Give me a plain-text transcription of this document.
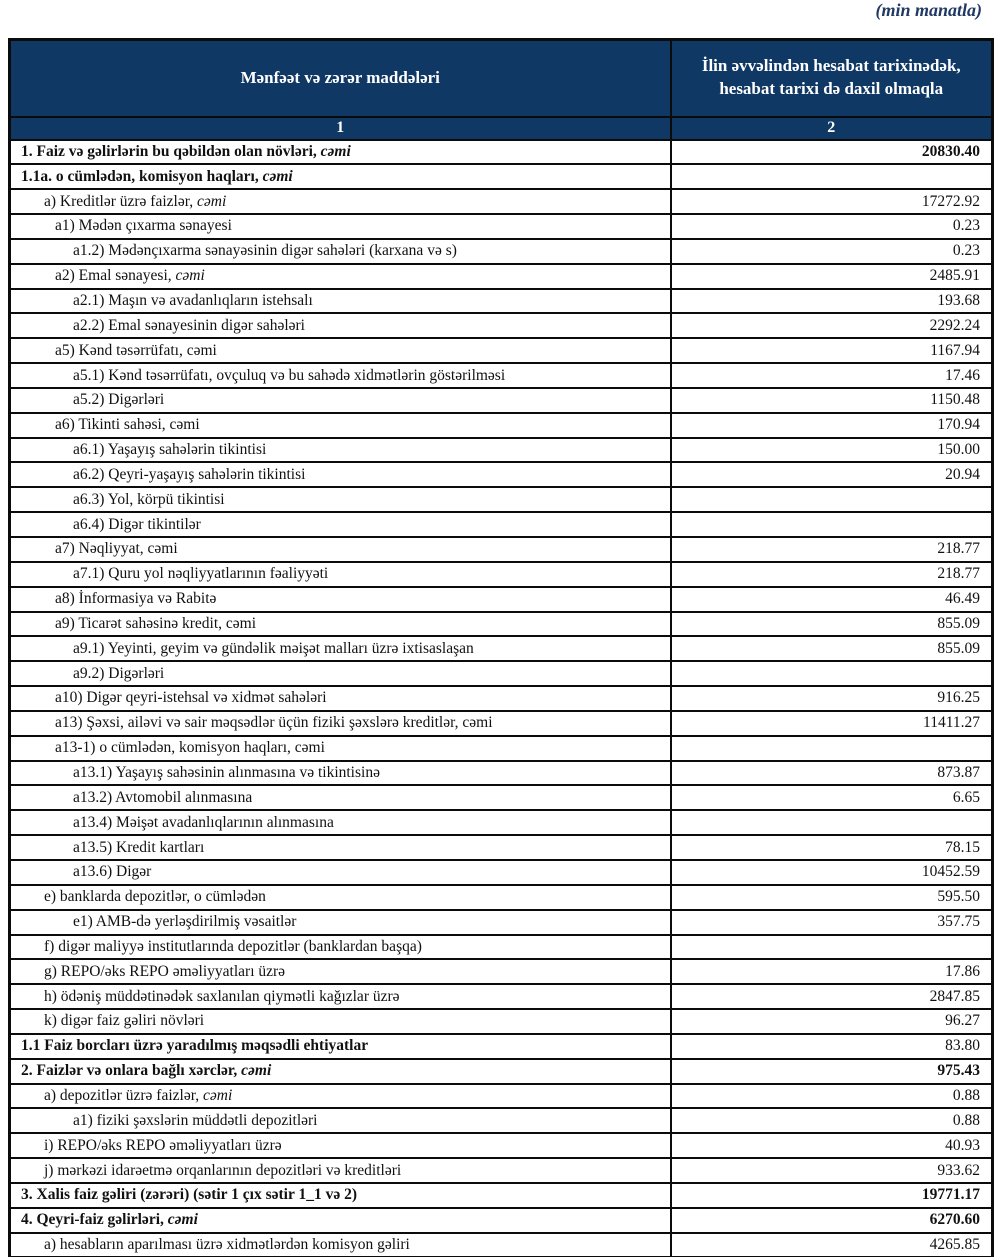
(min manatla)
Mənfəət və zərər maddələri	İlin əvvəlindən hesabat tarixinədək, hesabat tarixi də daxil olmaqla
1	2
1. Faiz və gəlirlərin bu qəbildən olan növləri, cəmi	20830.40
1.1a. o cümlədən, komisyon haqları, cəmi	
a) Kreditlər üzrə faizlər, cəmi	17272.92
a1) Mədən çıxarma sənayesi	0.23
a1.2) Mədənçıxarma sənayəsinin digər sahələri (karxana və s)	0.23
a2) Emal sənayesi, cəmi	2485.91
a2.1) Maşın və avadanlıqların istehsalı	193.68
a2.2) Emal sənayesinin digər sahələri	2292.24
a5) Kənd təsərrüfatı, cəmi	1167.94
a5.1) Kənd təsərrüfatı, ovçuluq və bu sahədə xidmətlərin göstərilməsi	17.46
a5.2) Digərləri	1150.48
a6) Tikinti sahəsi, cəmi	170.94
a6.1) Yaşayış sahələrin tikintisi	150.00
a6.2) Qeyri-yaşayış sahələrin tikintisi	20.94
a6.3) Yol, körpü tikintisi	
a6.4) Digər tikintilər	
a7) Nəqliyyat, cəmi	218.77
a7.1) Quru yol nəqliyyatlarının fəaliyyəti	218.77
a8) İnformasiya və Rabitə	46.49
a9) Ticarət sahəsinə kredit, cəmi	855.09
a9.1) Yeyinti, geyim və gündəlik məişət malları üzrə ixtisaslaşan	855.09
a9.2) Digərləri	
a10) Digər qeyri-istehsal və xidmət sahələri	916.25
a13) Şəxsi, ailəvi və sair məqsədlər üçün fiziki şəxslərə kreditlər, cəmi	11411.27
a13-1) o cümlədən, komisyon haqları, cəmi	
a13.1) Yaşayış sahəsinin alınmasına və tikintisinə	873.87
a13.2) Avtomobil alınmasına	6.65
a13.4) Məişət avadanlıqlarının alınmasına	
a13.5) Kredit kartları	78.15
a13.6) Digər	10452.59
e) banklarda depozitlər, o cümlədən	595.50
e1) AMB-də yerləşdirilmiş vəsaitlər	357.75
f) digər maliyyə institutlarında depozitlər (banklardan başqa)	
g) REPO/əks REPO əməliyyatları üzrə	17.86
h) ödəniş müddətinədək saxlanılan qiymətli kağızlar üzrə	2847.85
k) digər faiz gəliri növləri	96.27
1.1 Faiz borcları üzrə yaradılmış məqsədli ehtiyatlar	83.80
2. Faizlər və onlara bağlı xərclər, cəmi	975.43
a) depozitlər üzrə faizlər, cəmi	0.88
a1) fiziki şəxslərin müddətli depozitləri	0.88
i) REPO/əks REPO əməliyyatları üzrə	40.93
j) mərkəzi idarəetmə orqanlarının depozitləri və kreditləri	933.62
3. Xalis faiz gəliri (zərəri) (sətir 1 çıx sətir 1_1 və 2)	19771.17
4. Qeyri-faiz gəlirləri, cəmi	6270.60
a) hesabların aparılması üzrə xidmətlərdən komisyon gəliri	4265.85
